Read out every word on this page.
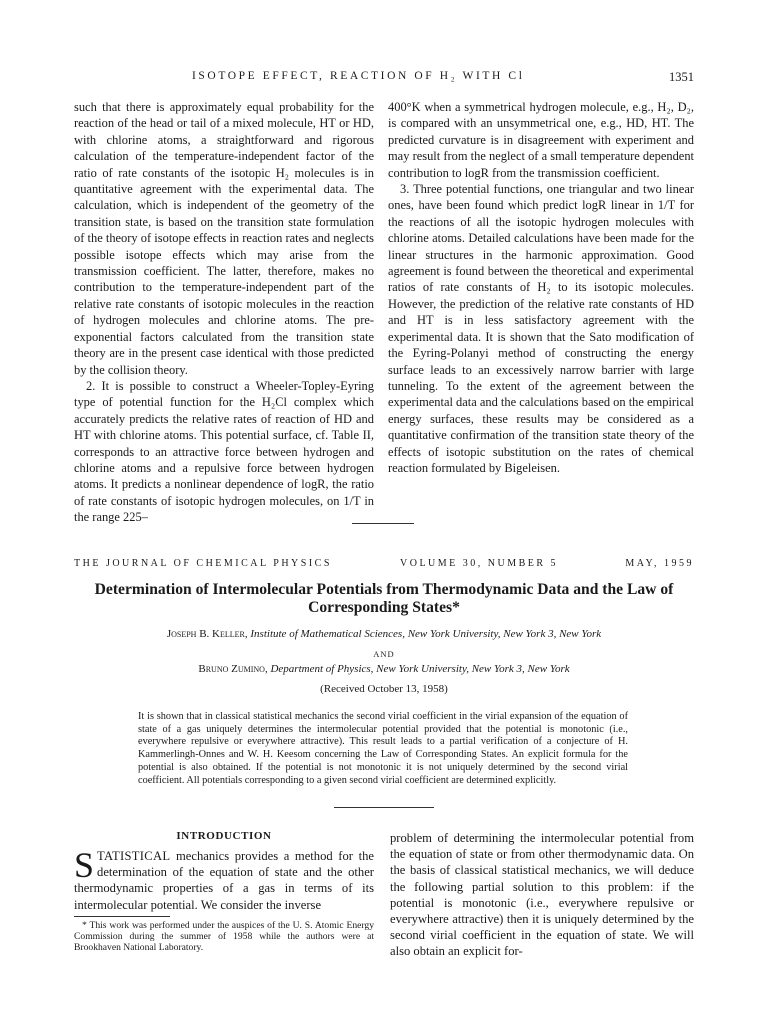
ISOTOPE EFFECT, REACTION OF H₂ WITH Cl	1351

such that there is approximately equal probability for the reaction of the head or tail of a mixed molecule, HT or HD, with chlorine atoms, a straightforward and rigorous calculation of the temperature-independent factor of the ratio of rate constants of the isotopic H₂ molecules is in quantitative agreement with the experimental data. The calculation, which is independent of the geometry of the transition state, is based on the transition state formulation of the theory of isotope effects in reaction rates and neglects possible isotope effects which may arise from the transmission coefficient. The latter, therefore, makes no contribution to the temperature-independent part of the relative rate constants of isotopic molecules in the reaction of hydrogen molecules and chlorine atoms. The pre-exponential factors calculated from the transition state theory are in the present case identical with those predicted by the collision theory.

2. It is possible to construct a Wheeler-Topley-Eyring type of potential function for the H₂Cl complex which accurately predicts the relative rates of reaction of HD and HT with chlorine atoms. This potential surface, cf. Table II, corresponds to an attractive force between hydrogen and chlorine atoms and a repulsive force between hydrogen atoms. It predicts a nonlinear dependence of logR, the ratio of rate constants of isotopic hydrogen molecules, on 1/T in the range 225–

400°K when a symmetrical hydrogen molecule, e.g., H₂, D₂, is compared with an unsymmetrical one, e.g., HD, HT. The predicted curvature is in disagreement with experiment and may result from the neglect of a small temperature dependent contribution to logR from the transmission coefficient.

3. Three potential functions, one triangular and two linear ones, have been found which predict logR linear in 1/T for the reactions of all the isotopic hydrogen molecules with chlorine atoms. Detailed calculations have been made for the linear structures in the harmonic approximation. Good agreement is found between the theoretical and experimental ratios of rate constants of H₂ to its isotopic molecules. However, the prediction of the relative rate constants of HD and HT is in less satisfactory agreement with the experimental data. It is shown that the Sato modification of the Eyring-Polanyi method of constructing the energy surface leads to an excessively narrow barrier with large tunneling. To the extent of the agreement between the experimental data and the calculations based on the empirical energy surfaces, these results may be considered as a quantitative confirmation of the transition state theory of the effects of isotopic substitution on the rates of chemical reaction formulated by Bigeleisen.

THE JOURNAL OF CHEMICAL PHYSICS	VOLUME 30, NUMBER 5	MAY, 1959
Determination of Intermolecular Potentials from Thermodynamic Data and the Law of
Corresponding States*
Joseph B. Keller, Institute of Mathematical Sciences, New York University, New York 3, New York
AND
Bruno Zumino, Department of Physics, New York University, New York 3, New York
(Received October 13, 1958)
It is shown that in classical statistical mechanics the second virial coefficient in the virial expansion of the equation of state of a gas uniquely determines the intermolecular potential provided that the potential is monotonic (i.e., everywhere repulsive or everywhere attractive). This result leads to a partial verification of a conjecture of H. Kammerlingh-Onnes and W. H. Keesom concerning the Law of Corresponding States. An explicit formula for the potential is also obtained. If the potential is not monotonic it is not uniquely determined by the second virial coefficient. All potentials corresponding to a given second virial coefficient are determined explicitly.
INTRODUCTION
STATISTICAL mechanics provides a method for the determination of the equation of state and the other thermodynamic properties of a gas in terms of its intermolecular potential. We consider the inverse
* This work was performed under the auspices of the U. S. Atomic Energy Commission during the summer of 1958 while the authors were at Brookhaven National Laboratory.
problem of determining the intermolecular potential from the equation of state or from other thermodynamic data. On the basis of classical statistical mechanics, we will deduce the following partial solution to this problem: if the potential is monotonic (i.e., everywhere repulsive or everywhere attractive) then it is uniquely determined by the second virial coefficient in the equation of state. We will also obtain an explicit for-
